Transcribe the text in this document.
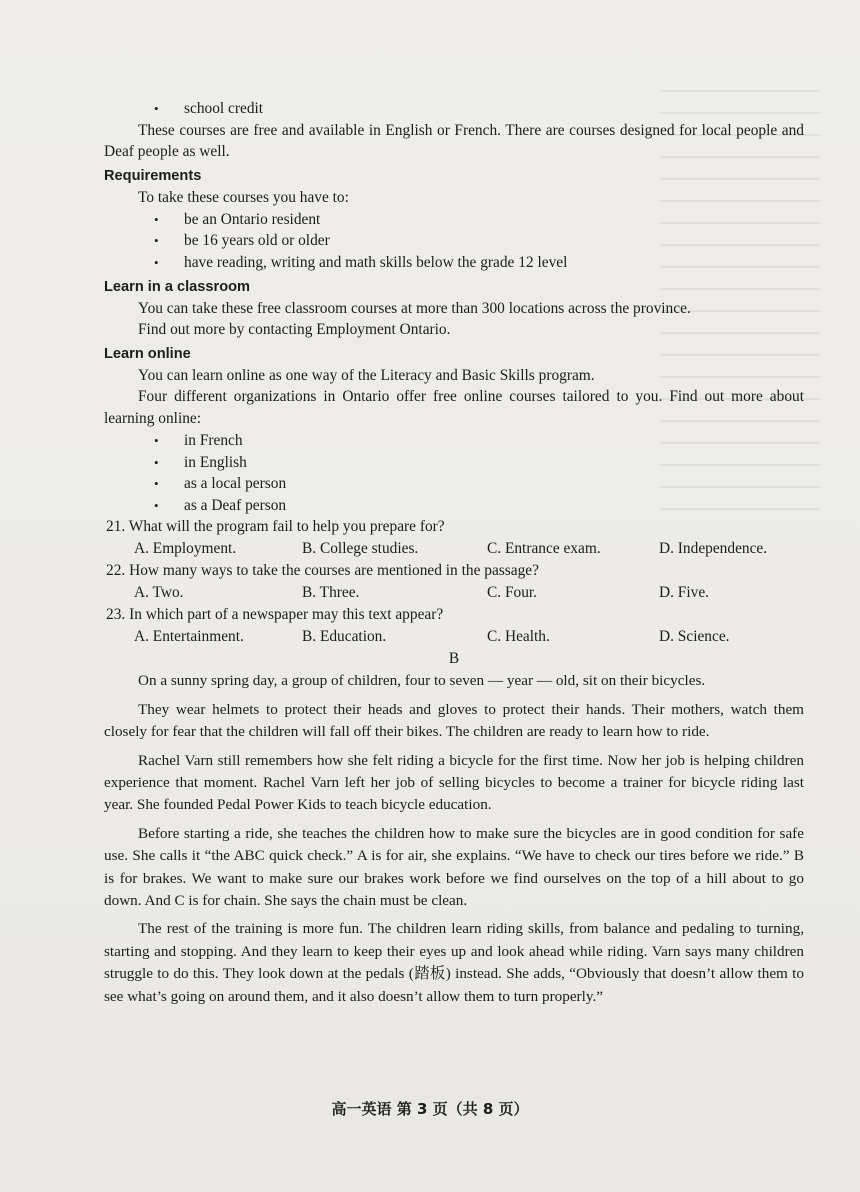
• school credit

These courses are free and available in English or French. There are courses designed for local people and Deaf people as well.

Requirements

To take these courses you have to:

• be an Ontario resident
• be 16 years old or older
• have reading, writing and math skills below the grade 12 level

Learn in a classroom

You can take these free classroom courses at more than 300 locations across the province.

Find out more by contacting Employment Ontario.

Learn online

You can learn online as one way of the Literacy and Basic Skills program.

Four different organizations in Ontario offer free online courses tailored to you. Find out more about learning online:

• in French
• in English
• as a local person
• as a Deaf person

21. What will the program fail to help you prepare for?

A. Employment.	B. College studies.	C. Entrance exam.	D. Independence.

22. How many ways to take the courses are mentioned in the passage?

A. Two.	B. Three.	C. Four.	D. Five.

23. In which part of a newspaper may this text appear?

A. Entertainment.	B. Education.	C. Health.	D. Science.

B

On a sunny spring day, a group of children, four to seven — year — old, sit on their bicycles.

They wear helmets to protect their heads and gloves to protect their hands. Their mothers, watch them closely for fear that the children will fall off their bikes. The children are ready to learn how to ride.

Rachel Varn still remembers how she felt riding a bicycle for the first time. Now her job is helping children experience that moment. Rachel Varn left her job of selling bicycles to become a trainer for bicycle riding last year. She founded Pedal Power Kids to teach bicycle education.

Before starting a ride, she teaches the children how to make sure the bicycles are in good condition for safe use. She calls it “the ABC quick check.” A is for air, she explains. “We have to check our tires before we ride.” B is for brakes. We want to make sure our brakes work before we find ourselves on the top of a hill about to go down. And C is for chain. She says the chain must be clean.

The rest of the training is more fun. The children learn riding skills, from balance and pedaling to turning, starting and stopping. And they learn to keep their eyes up and look ahead while riding. Varn says many children struggle to do this. They look down at the pedals (踏板) instead. She adds, “Obviously that doesn’t allow them to see what’s going on around them, and it also doesn’t allow them to turn properly.”

高一英语 第 3 页（共 8 页）
